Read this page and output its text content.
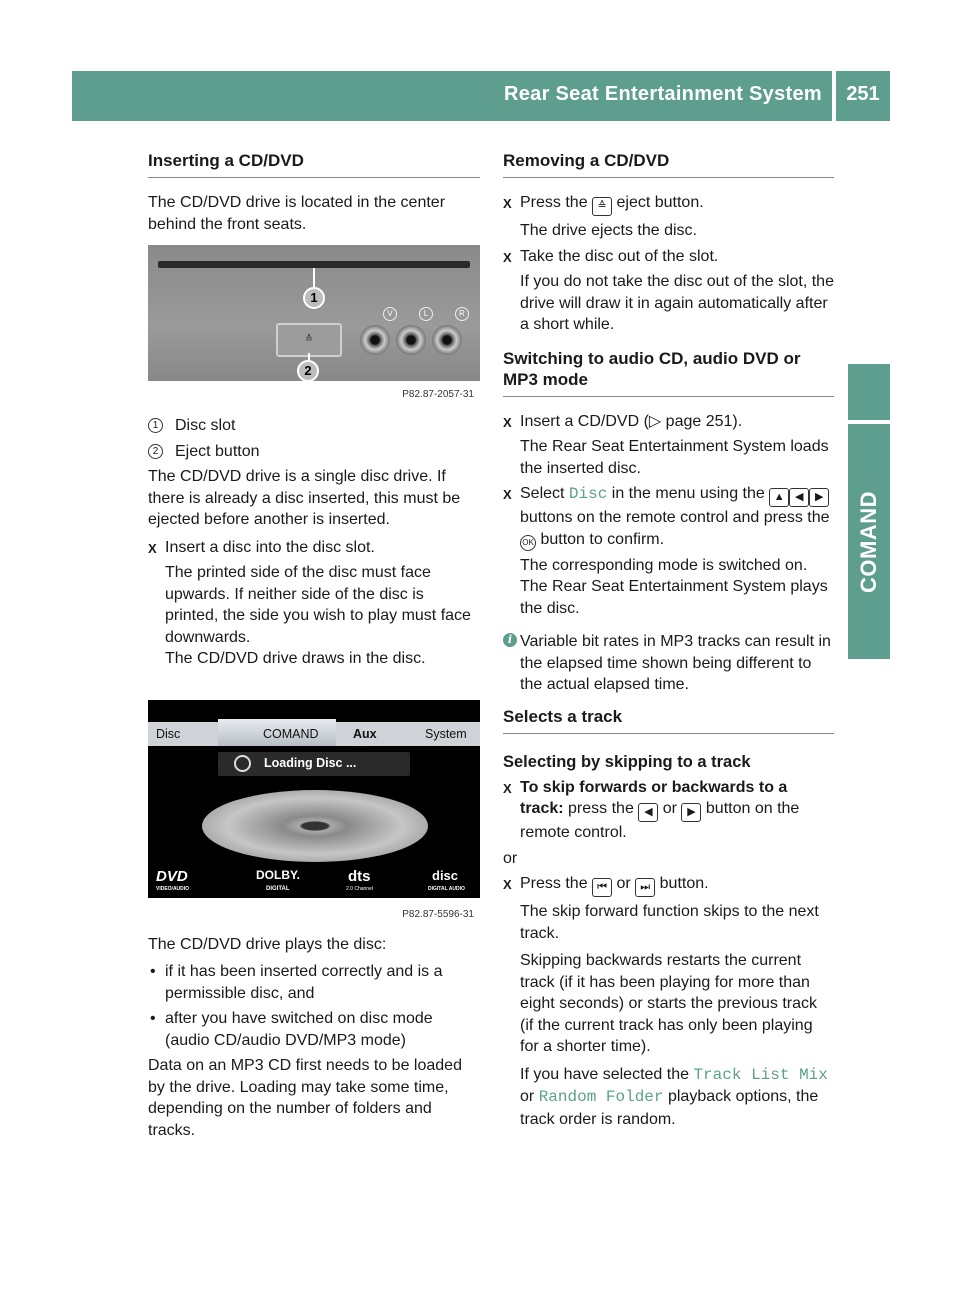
Rear Seat Entertainment System	251
COMAND
Inserting a CD/DVD

The CD/DVD drive is located in the center behind the front seats.

1
≙
2
V	L	R
P82.87-2057-31
1 Disc slot
2 Eject button

The CD/DVD drive is a single disc drive. If there is already a disc inserted, this must be ejected before another is inserted.

X Insert a disc into the disc slot.

The printed side of the disc must face upwards. If neither side of the disc is printed, the side you wish to play must face downwards.

The CD/DVD drive draws in the disc.

Disc	COMAND	Aux	System
Loading Disc ...
DVD
VIDEO/AUDIO
DOLBY.
DIGITAL
dts
2.0 Channel
disc
DIGITAL AUDIO
P82.87-5596-31

The CD/DVD drive plays the disc:

• if it has been inserted correctly and is a permissible disc, and
• after you have switched on disc mode (audio CD/audio DVD/MP3 mode)

Data on an MP3 CD first needs to be loaded by the drive. Loading may take some time, depending on the number of folders and tracks.

Removing a CD/DVD
X Press the ≙ eject button.

The drive ejects the disc.

X Take the disc out of the slot.

If you do not take the disc out of the slot, the drive will draw it in again automatically after a short while.

Switching to audio CD, audio DVD or MP3 mode
X Insert a CD/DVD (▷ page 251).

The Rear Seat Entertainment System loads the inserted disc.

X Select Disc in the menu using the ▲ ◀ ▶ buttons on the remote control and press the OK button to confirm.

The corresponding mode is switched on.

The Rear Seat Entertainment System plays the disc.

i Variable bit rates in MP3 tracks can result in the elapsed time shown being different to the actual elapsed time.
Selects a track
Selecting by skipping to a track
X To skip forwards or backwards to a track: press the ◀ or ▶ button on the remote control.

or

X Press the ⏮ or ⏭ button.

The skip forward function skips to the next track.

Skipping backwards restarts the current track (if it has been playing for more than eight seconds) or starts the previous track (if the current track has only been playing for a shorter time).

If you have selected the Track List Mix or Random Folder playback options, the track order is random.
